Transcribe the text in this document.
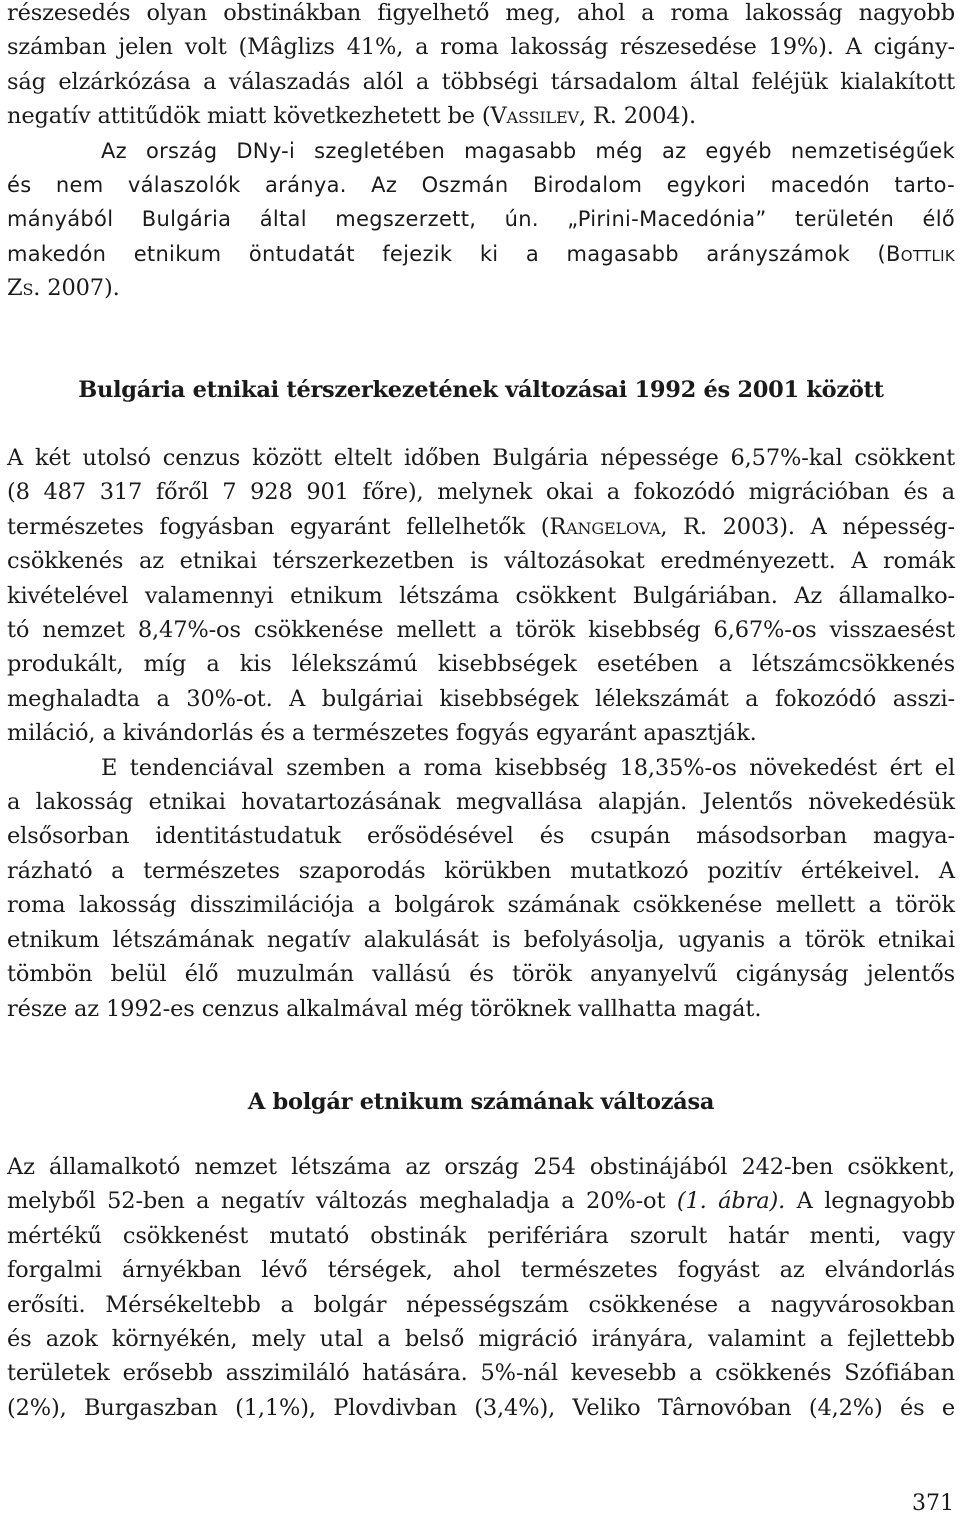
részesedés olyan obstinákban figyelhető meg, ahol a roma lakosság nagyobb
számban jelen volt (Mâglizs 41%, a roma lakosság részesedése 19%). A cigány-
ság elzárkózása a válaszadás alól a többségi társadalom által feléjük kialakított
negatív attitűdök miatt következhetett be (Vassilev, R. 2004).
Az ország DNy-i szegletében magasabb még az egyéb nemzetiségűek
és nem válaszolók aránya. Az Oszmán Birodalom egykori macedón tarto-
mányából Bulgária által megszerzett, ún. „Pirini-Macedónia” területén élő
makedón etnikum öntudatát fejezik ki a magasabb arányszámok (Bottlik
Zs. 2007).

Bulgária etnikai térszerkezetének változásai 1992 és 2001 között

A két utolsó cenzus között eltelt időben Bulgária népessége 6,57%-kal csökkent
(8 487 317 főről 7 928 901 főre), melynek okai a fokozódó migrációban és a
természetes fogyásban egyaránt fellelhetők (Rangelova, R. 2003). A népesség-
csökkenés az etnikai térszerkezetben is változásokat eredményezett. A romák
kivételével valamennyi etnikum létszáma csökkent Bulgáriában. Az államalko-
tó nemzet 8,47%-os csökkenése mellett a török kisebbség 6,67%-os visszaesést
produkált, míg a kis lélekszámú kisebbségek esetében a létszámcsökkenés
meghaladta a 30%-ot. A bulgáriai kisebbségek lélekszámát a fokozódó asszi-
miláció, a kivándorlás és a természetes fogyás egyaránt apasztják.
E tendenciával szemben a roma kisebbség 18,35%-os növekedést ért el
a lakosság etnikai hovatartozásának megvallása alapján. Jelentős növekedésük
elsősorban identitástudatuk erősödésével és csupán másodsorban magya-
rázható a természetes szaporodás körükben mutatkozó pozitív értékeivel. A
roma lakosság disszimilációja a bolgárok számának csökkenése mellett a török
etnikum létszámának negatív alakulását is befolyásolja, ugyanis a török etnikai
tömbön belül élő muzulmán vallású és török anyanyelvű cigányság jelentős
része az 1992-es cenzus alkalmával még töröknek vallhatta magát.

A bolgár etnikum számának változása

Az államalkotó nemzet létszáma az ország 254 obstinájából 242-ben csökkent,
melyből 52-ben a negatív változás meghaladja a 20%-ot (1. ábra). A legnagyobb
mértékű csökkenést mutató obstinák perifériára szorult határ menti, vagy
forgalmi árnyékban lévő térségek, ahol természetes fogyást az elvándorlás
erősíti. Mérsékeltebb a bolgár népességszám csökkenése a nagyvárosokban
és azok környékén, mely utal a belső migráció irányára, valamint a fejlettebb
területek erősebb asszimiláló hatására. 5%-nál kevesebb a csökkenés Szófiában
(2%), Burgaszban (1,1%), Plovdivban (3,4%), Veliko Târnovóban (4,2%) és e

371
